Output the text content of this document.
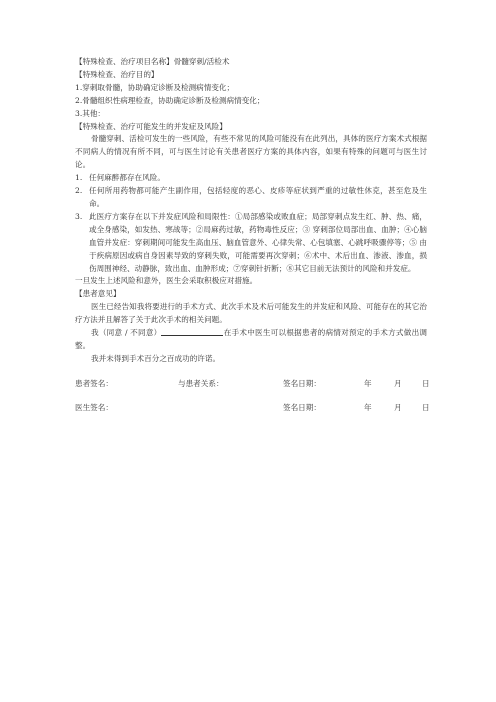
【特殊检查、治疗项目名称】骨髓穿刺/活检术
【特殊检查、治疗目的】
1.穿刺取骨髓，协助确定诊断及检测病情变化；
2.骨髓组织性病理检查，协助确定诊断及检测病情变化；
3.其他：
【特殊检查、治疗可能发生的并发症及风险】
骨髓穿刺、活检可发生的一些风险，有些不常见的风险可能没有在此列出，具体的医疗方案术式根据不同病人的情况有所不同，可与医生讨论有关患者医疗方案的具体内容，如果有特殊的问题可与医生讨论。
1. 任何麻醉都存在风险。
2. 任何所用药物都可能产生副作用，包括轻度的恶心、皮疹等症状到严重的过敏性休克，甚至危及生命。
3. 此医疗方案存在以下并发症风险和局限性：①局部感染或败血症；局部穿刺点发生红、肿、热、痛，或全身感染，如发热、寒战等；②局麻药过敏，药物毒性反应；③ 穿刺部位局部出血、血肿；④心脑血管并发症：穿刺期间可能发生高血压、脑血管意外、心律失常、心包填塞、心跳呼吸骤停等；⑤ 由于疾病原因或病自身因素导致的穿刺失败，可能需要再次穿刺；⑥术中、术后出血、渗液、渗血，损伤周围神经、动静脉，致出血、血肿形成；⑦穿刺针折断；⑧其它目前无法预计的风险和并发症。
一旦发生上述风险和意外，医生会采取积极应对措施。
【患者意见】
医生已经告知我将要进行的手术方式、此次手术及术后可能发生的并发症和风险、可能存在的其它治疗方法并且解答了关于此次手术的相关问题。
我（同意 / 不同意）	在手术中医生可以根据患者的病情对预定的手术方式做出调整。
我并未得到手术百分之百成功的许诺。
患者签名：	与患者关系：	签名日期：	年	月	日
医生签名：	签名日期：	年	月	日
